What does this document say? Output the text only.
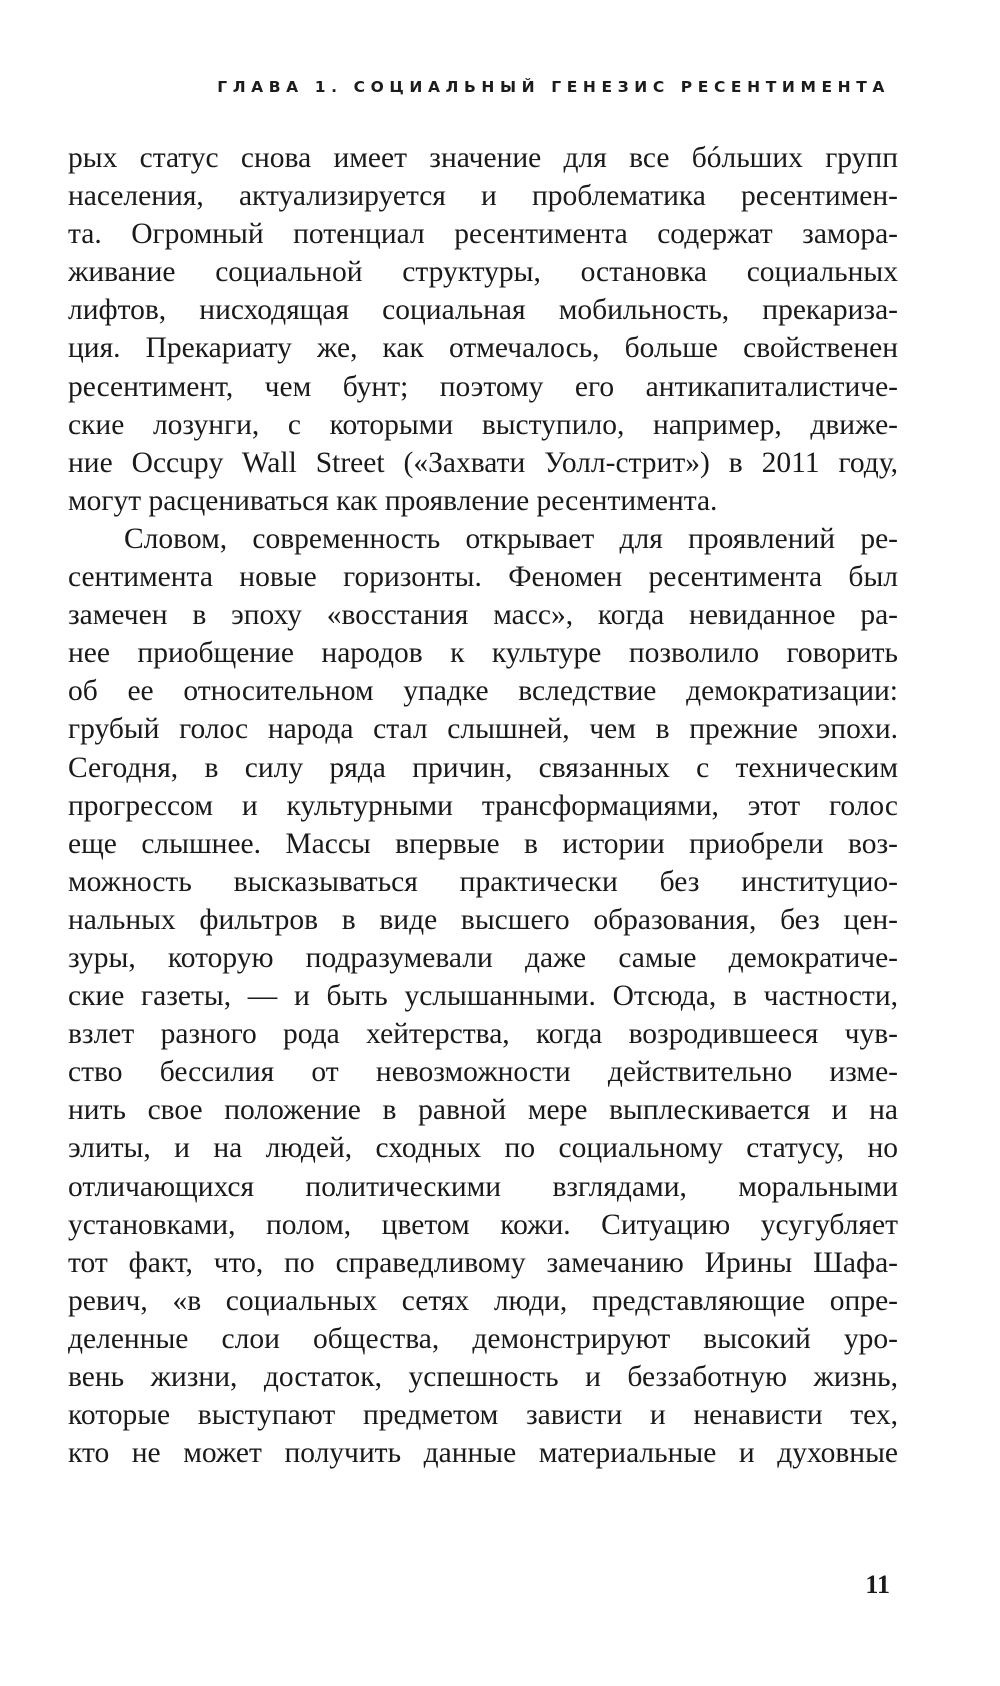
ГЛАВА 1. СОЦИАЛЬНЫЙ ГЕНЕЗИС РЕСЕНТИМЕНТА
рых статус снова имеет значение для все бóльших групп
населения, актуализируется и проблематика ресентимен-
та. Огромный потенциал ресентимента содержат замора-
живание социальной структуры, остановка социальных
лифтов, нисходящая социальная мобильность, прекариза-
ция. Прекариату же, как отмечалось, больше свойственен
ресентимент, чем бунт; поэтому его антикапиталистиче-
ские лозунги, с которыми выступило, например, движе-
ние Occupy Wall Street («Захвати Уолл-стрит») в 2011 году,
могут расцениваться как проявление ресентимента.
Словом, современность открывает для проявлений ре-
сентимента новые горизонты. Феномен ресентимента был
замечен в эпоху «восстания масс», когда невиданное ра-
нее приобщение народов к культуре позволило говорить
об ее относительном упадке вследствие демократизации:
грубый голос народа стал слышней, чем в прежние эпохи.
Сегодня, в силу ряда причин, связанных с техническим
прогрессом и культурными трансформациями, этот голос
еще слышнее. Массы впервые в истории приобрели воз-
можность высказываться практически без институцио-
нальных фильтров в виде высшего образования, без цен-
зуры, которую подразумевали даже самые демократиче-
ские газеты, — и быть услышанными. Отсюда, в частности,
взлет разного рода хейтерства, когда возродившееся чув-
ство бессилия от невозможности действительно изме-
нить свое положение в равной мере выплескивается и на
элиты, и на людей, сходных по социальному статусу, но
отличающихся политическими взглядами, моральными
установками, полом, цветом кожи. Ситуацию усугубляет
тот факт, что, по справедливому замечанию Ирины Шафа-
ревич, «в социальных сетях люди, представляющие опре-
деленные слои общества, демонстрируют высокий уро-
вень жизни, достаток, успешность и беззаботную жизнь,
которые выступают предметом зависти и ненависти тех,
кто не может получить данные материальные и духовные
11
